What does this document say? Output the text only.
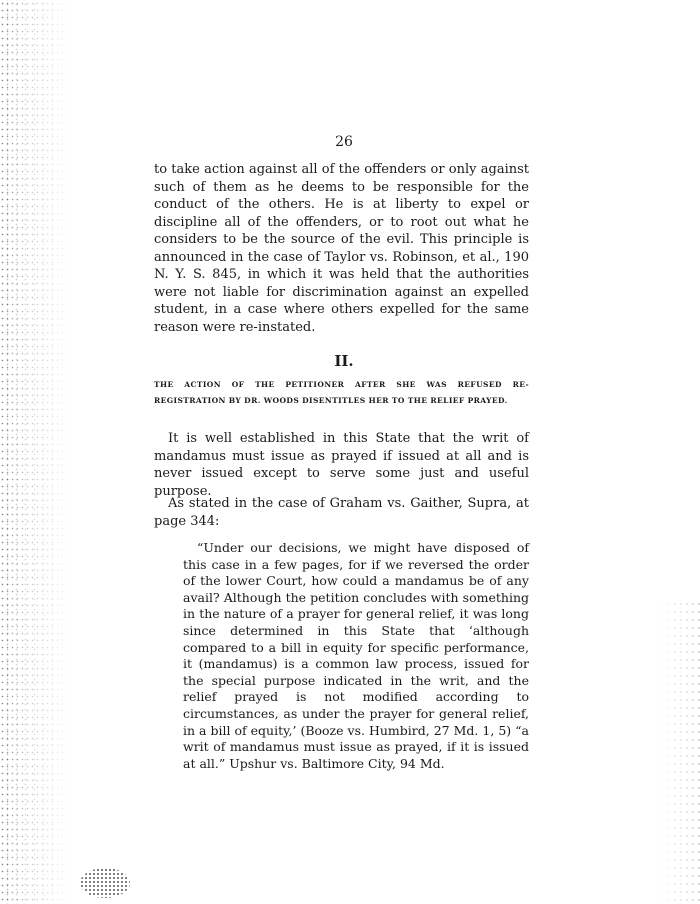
26

to take action against all of the offenders or only against such of them as he deems to be responsible for the conduct of the others. He is at liberty to expel or discipline all of the offenders, or to root out what he considers to be the source of the evil. This principle is announced in the case of Taylor vs. Robinson, et al., 190 N. Y. S. 845, in which it was held that the authorities were not liable for discrimination against an expelled student, in a case where others expelled for the same reason were re-instated.

II.

THE ACTION OF THE PETITIONER AFTER SHE WAS REFUSED RE-REGISTRATION BY DR. WOODS DISENTITLES HER TO THE RELIEF PRAYED.

It is well established in this State that the writ of mandamus must issue as prayed if issued at all and is never issued except to serve some just and useful purpose.

As stated in the case of Graham vs. Gaither, Supra, at page 344:

“Under our decisions, we might have disposed of this case in a few pages, for if we reversed the order of the lower Court, how could a mandamus be of any avail? Although the petition concludes with something in the nature of a prayer for general relief, it was long since determined in this State that ‘although compared to a bill in equity for specific performance, it (mandamus) is a common law process, issued for the special purpose indicated in the writ, and the relief prayed is not modified according to circumstances, as under the prayer for general relief, in a bill of equity,’ (Booze vs. Humbird, 27 Md. 1, 5) “a writ of mandamus must issue as prayed, if it is issued at all.” Upshur vs. Baltimore City, 94 Md.
